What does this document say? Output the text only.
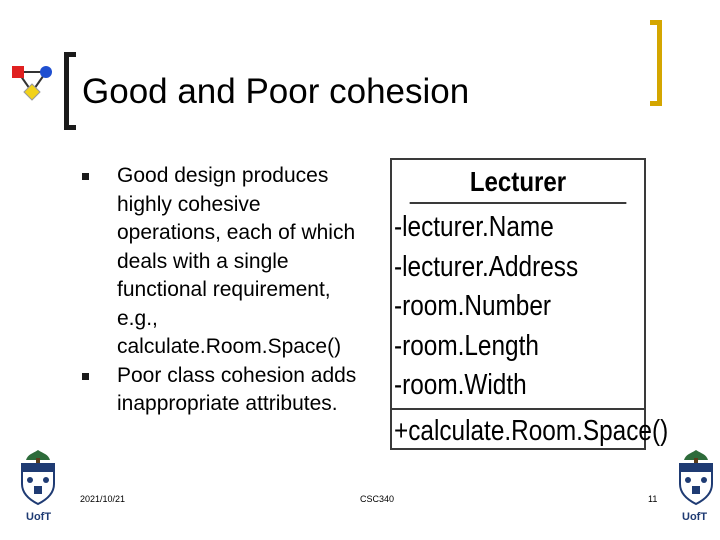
Good and Poor cohesion
Good design produces highly cohesive operations, each of which deals with a single functional requirement, e.g., calculate.Room.Space()
Poor class cohesion adds inappropriate attributes.
Lecturer
-lecturer.Name
-lecturer.Address
-room.Number
-room.Length
-room.Width
+calculate.Room.Space()
UofT	UofT
2021/10/21	CSC340	11
